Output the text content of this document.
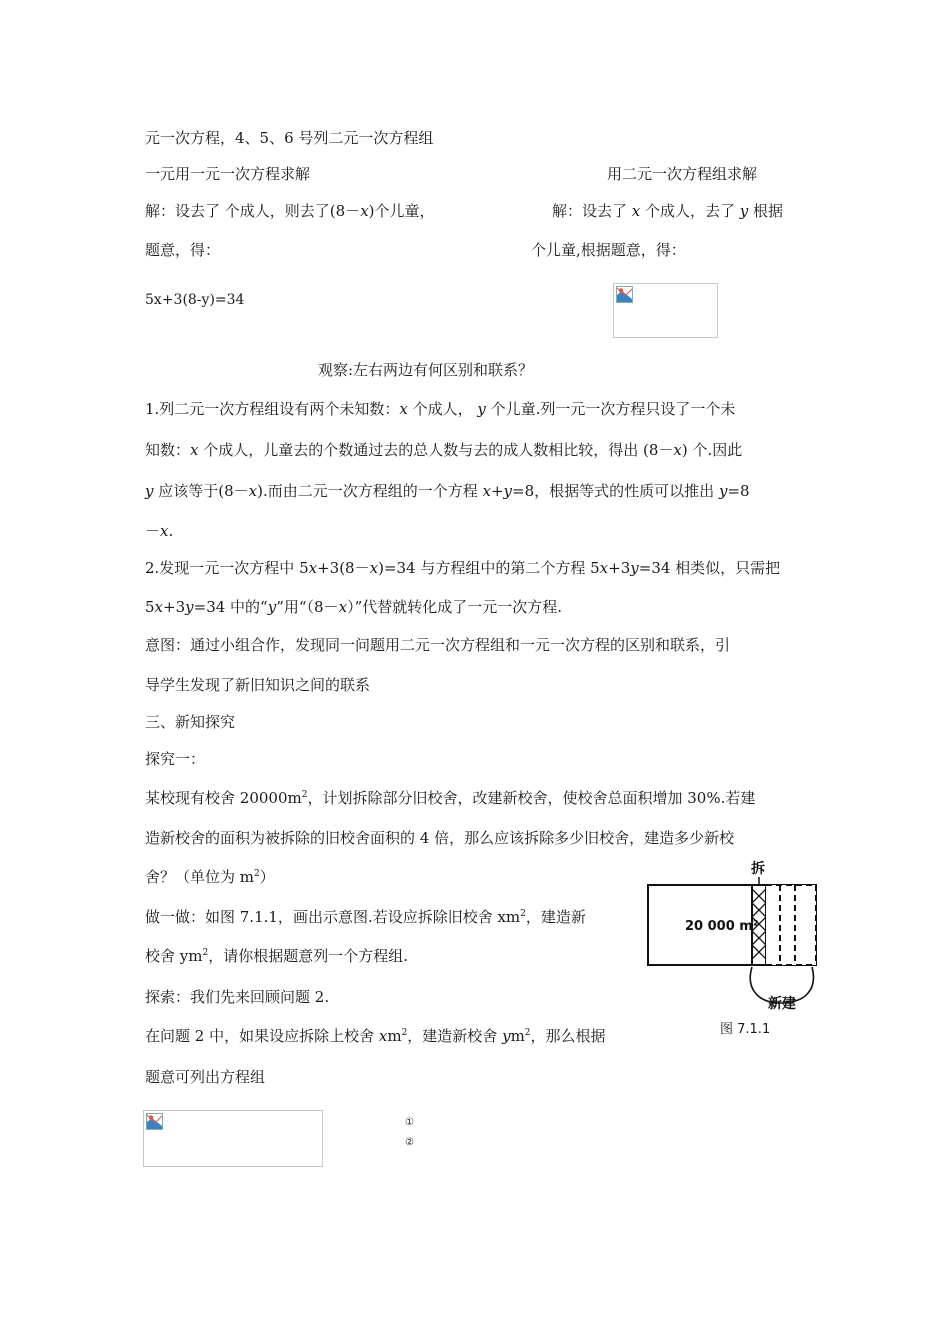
元一次方程，4、5、6 号列二元一次方程组
一元用一元一次方程求解	用二元一次方程组求解
解：设去了 个成人，则去了(8－x)个儿童，	解：设去了 x 个成人，去了 y 根据
题意，得：	个儿童,根据题意，得：
5x+3(8-y)=34
观察:左右两边有何区别和联系？
1.列二元一次方程组设有两个未知数：x 个成人， y 个儿童.列一元一次方程只设了一个未
知数：x 个成人，儿童去的个数通过去的总人数与去的成人数相比较，得出 (8－x) 个.因此
y 应该等于(8－x).而由二元一次方程组的一个方程 x+y=8，根据等式的性质可以推出 y=8
－x.
2.发现一元一次方程中 5x+3(8－x)=34 与方程组中的第二个方程 5x+3y=34 相类似，只需把
5x+3y=34 中的“y”用“（8－x）”代替就转化成了一元一次方程.
意图：通过小组合作，发现同一问题用二元一次方程组和一元一次方程的区别和联系，引
导学生发现了新旧知识之间的联系
三、新知探究
探究一：
某校现有校舍 $20000m^2$，计划拆除部分旧校舍，改建新校舍，使校舍总面积增加 30%.若建
造新校舍的面积为被拆除的旧校舍面积的 4 倍，那么应该拆除多少旧校舍，建造多少新校
舍？（单位为 $m^2$）
做一做：如图 7.1.1，画出示意图.若设应拆除旧校舍 $xm^2$，建造新
校舍 $ym^2$，请你根据题意列一个方程组.
探索：我们先来回顾问题 2.
在问题 2 中，如果设应拆除上校舍 $xm^2$，建造新校舍 $ym^2$，那么根据
题意可列出方程组
①
②
20 000 m²
拆
新建
图 7.1.1
